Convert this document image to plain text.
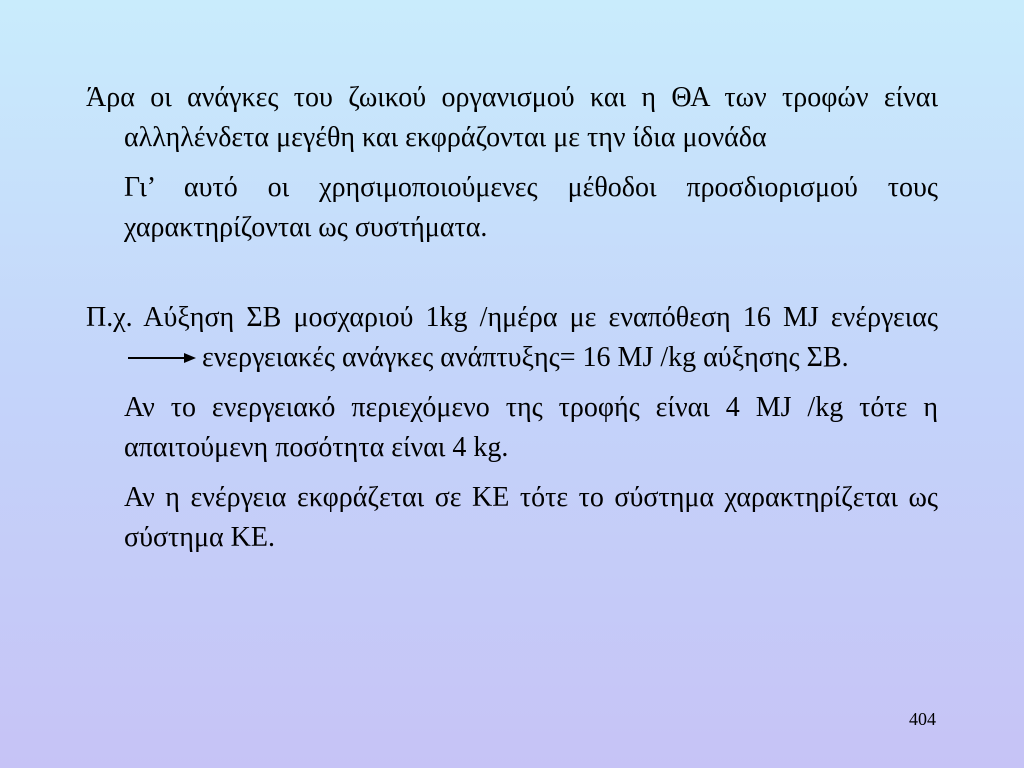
Άρα οι ανάγκες του ζωικού οργανισμού και η ΘΑ των τροφών είναι αλληλένδετα μεγέθη και εκφράζονται με την ίδια μονάδα

Γι’ αυτό οι χρησιμοποιούμενες μέθοδοι προσδιορισμού τους χαρακτηρίζονται ως συστήματα.

Π.χ. Αύξηση ΣΒ μοσχαριού 1kg /ημέρα με εναπόθεση 16 MJ ενέργειαςενεργειακές ανάγκες ανάπτυξης= 16 MJ /kg αύξησης ΣΒ.

Αν το ενεργειακό περιεχόμενο της τροφής είναι 4 MJ /kg τότε η απαιτούμενη ποσότητα είναι 4 kg.

Αν η ενέργεια εκφράζεται σε ΚΕ τότε το σύστημα χαρακτηρίζεται ως σύστημα ΚΕ.

404
